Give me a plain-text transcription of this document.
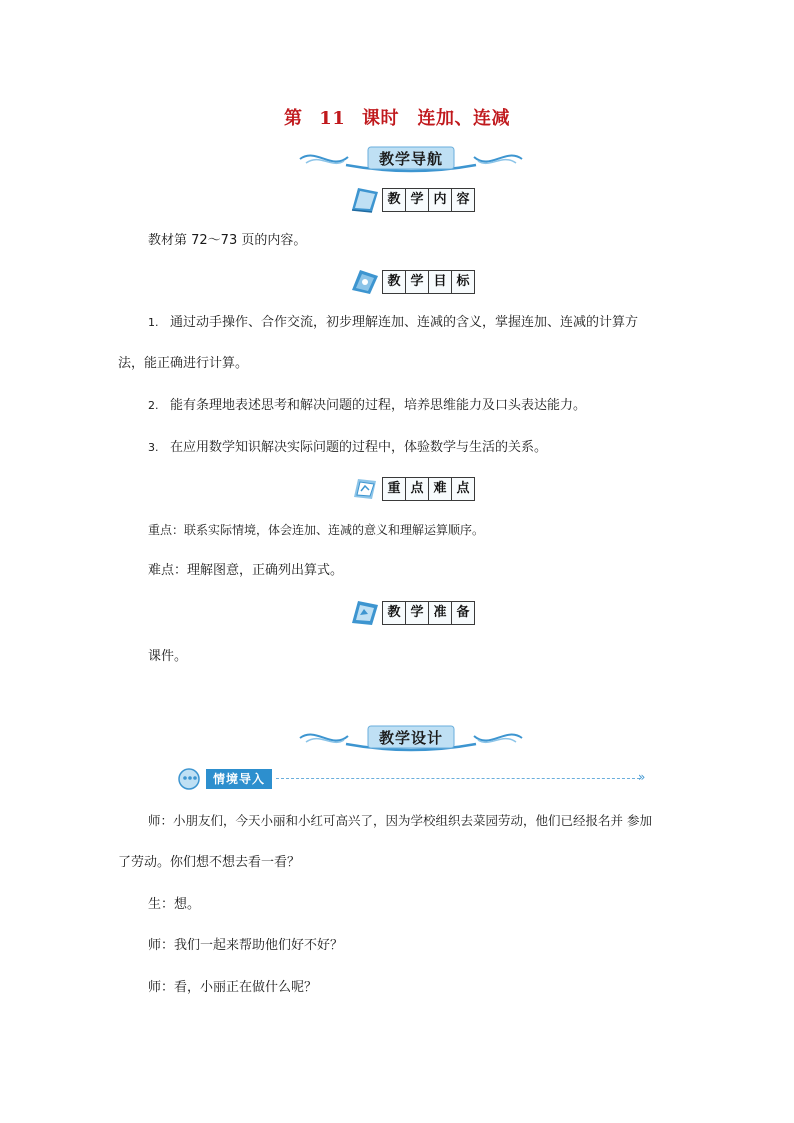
第 11 课时　连加、连减
教学导航
教 学 内 容
教材第 72～73 页的内容。
教 学 目 标
1. 通过动手操作、合作交流，初步理解连加、连减的含义，掌握连加、连减的计算方
法，能正确进行计算。
2. 能有条理地表述思考和解决问题的过程，培养思维能力及口头表达能力。
3. 在应用数学知识解决实际问题的过程中，体验数学与生活的关系。
重 点 难 点
重点：联系实际情境，体会连加、连减的意义和理解运算顺序。
难点：理解图意，正确列出算式。
教 学 准 备
课件。
教学设计
情境导入	»
师：小朋友们，今天小丽和小红可高兴了，因为学校组织去菜园劳动，他们已经报名并 参加
了劳动。你们想不想去看一看？
生：想。
师：我们一起来帮助他们好不好？
师：看，小丽正在做什么呢？
